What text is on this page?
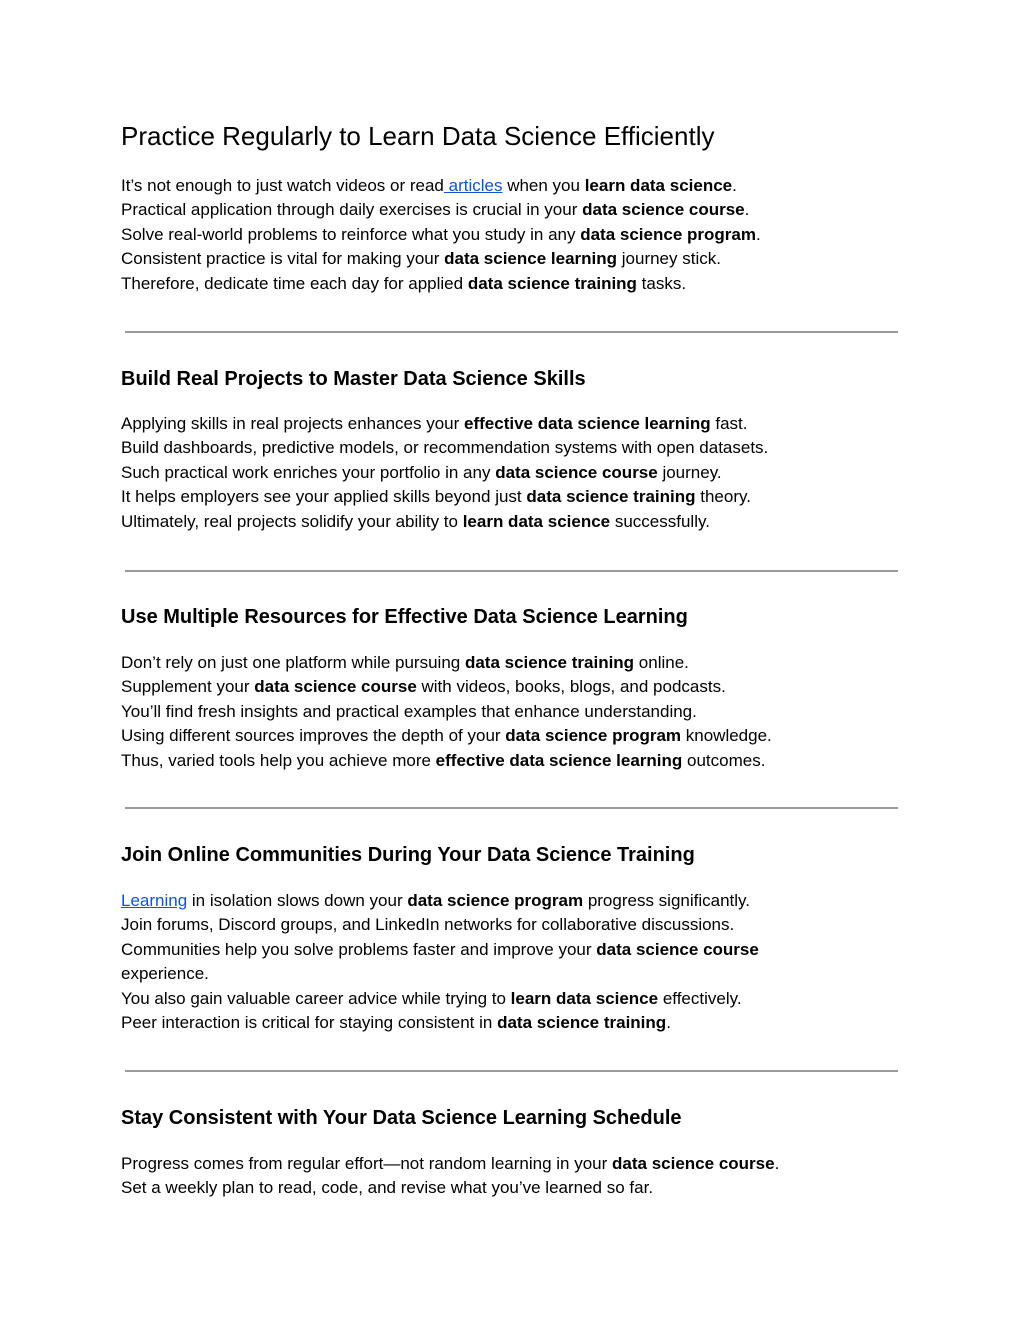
Practice Regularly to Learn Data Science Efficiently
It’s not enough to just watch videos or read articles when you learn data science.
Practical application through daily exercises is crucial in your data science course.
Solve real-world problems to reinforce what you study in any data science program.
Consistent practice is vital for making your data science learning journey stick.
Therefore, dedicate time each day for applied data science training tasks.
Build Real Projects to Master Data Science Skills
Applying skills in real projects enhances your effective data science learning fast.
Build dashboards, predictive models, or recommendation systems with open datasets.
Such practical work enriches your portfolio in any data science course journey.
It helps employers see your applied skills beyond just data science training theory.
Ultimately, real projects solidify your ability to learn data science successfully.
Use Multiple Resources for Effective Data Science Learning
Don’t rely on just one platform while pursuing data science training online.
Supplement your data science course with videos, books, blogs, and podcasts.
You’ll find fresh insights and practical examples that enhance understanding.
Using different sources improves the depth of your data science program knowledge.
Thus, varied tools help you achieve more effective data science learning outcomes.
Join Online Communities During Your Data Science Training
Learning in isolation slows down your data science program progress significantly.
Join forums, Discord groups, and LinkedIn networks for collaborative discussions.
Communities help you solve problems faster and improve your data science course
experience.
You also gain valuable career advice while trying to learn data science effectively.
Peer interaction is critical for staying consistent in data science training.
Stay Consistent with Your Data Science Learning Schedule
Progress comes from regular effort—not random learning in your data science course.
Set a weekly plan to read, code, and revise what you’ve learned so far.
